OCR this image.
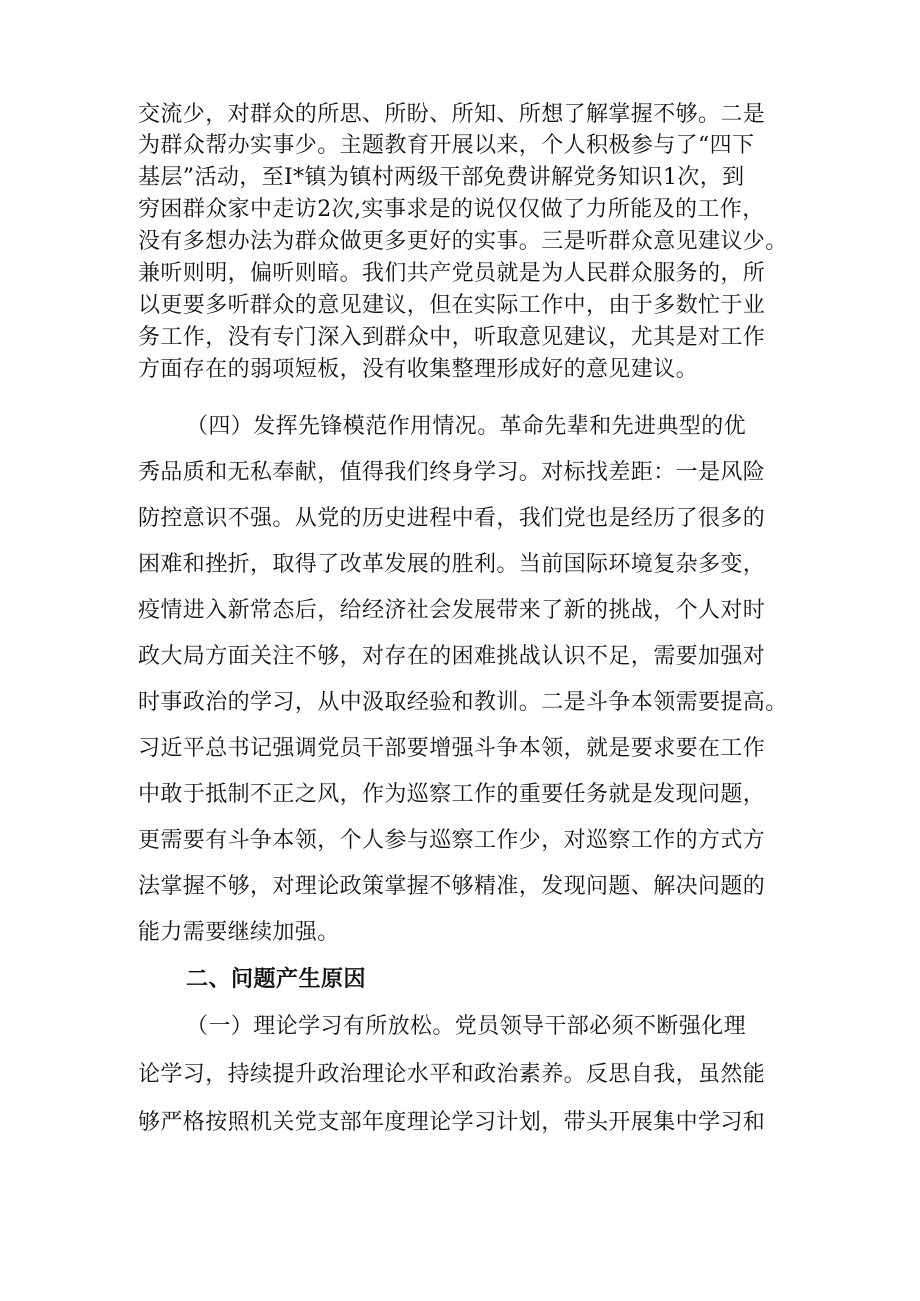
交流少，对群众的所思、所盼、所知、所想了解掌握不够。二是
为群众帮办实事少。主题教育开展以来，个人积极参与了“四下
基层”活动，至I*镇为镇村两级干部免费讲解党务知识1次，到
穷困群众家中走访2次,实事求是的说仅仅做了力所能及的工作，
没有多想办法为群众做更多更好的实事。三是听群众意见建议少。
兼听则明，偏听则暗。我们共产党员就是为人民群众服务的，所
以更要多听群众的意见建议，但在实际工作中，由于多数忙于业
务工作，没有专门深入到群众中，听取意见建议，尤其是对工作
方面存在的弱项短板，没有收集整理形成好的意见建议。
（四）发挥先锋模范作用情况。革命先辈和先进典型的优
秀品质和无私奉献，值得我们终身学习。对标找差距：一是风险
防控意识不强。从党的历史进程中看，我们党也是经历了很多的
困难和挫折，取得了改革发展的胜利。当前国际环境复杂多变，
疫情进入新常态后，给经济社会发展带来了新的挑战，个人对时
政大局方面关注不够，对存在的困难挑战认识不足，需要加强对
时事政治的学习，从中汲取经验和教训。二是斗争本领需要提高。
习近平总书记强调党员干部要增强斗争本领，就是要求要在工作
中敢于抵制不正之风，作为巡察工作的重要任务就是发现问题，
更需要有斗争本领，个人参与巡察工作少，对巡察工作的方式方
法掌握不够，对理论政策掌握不够精准，发现问题、解决问题的
能力需要继续加强。
二、问题产生原因
（一）理论学习有所放松。党员领导干部必须不断强化理
论学习，持续提升政治理论水平和政治素养。反思自我，虽然能
够严格按照机关党支部年度理论学习计划，带头开展集中学习和
